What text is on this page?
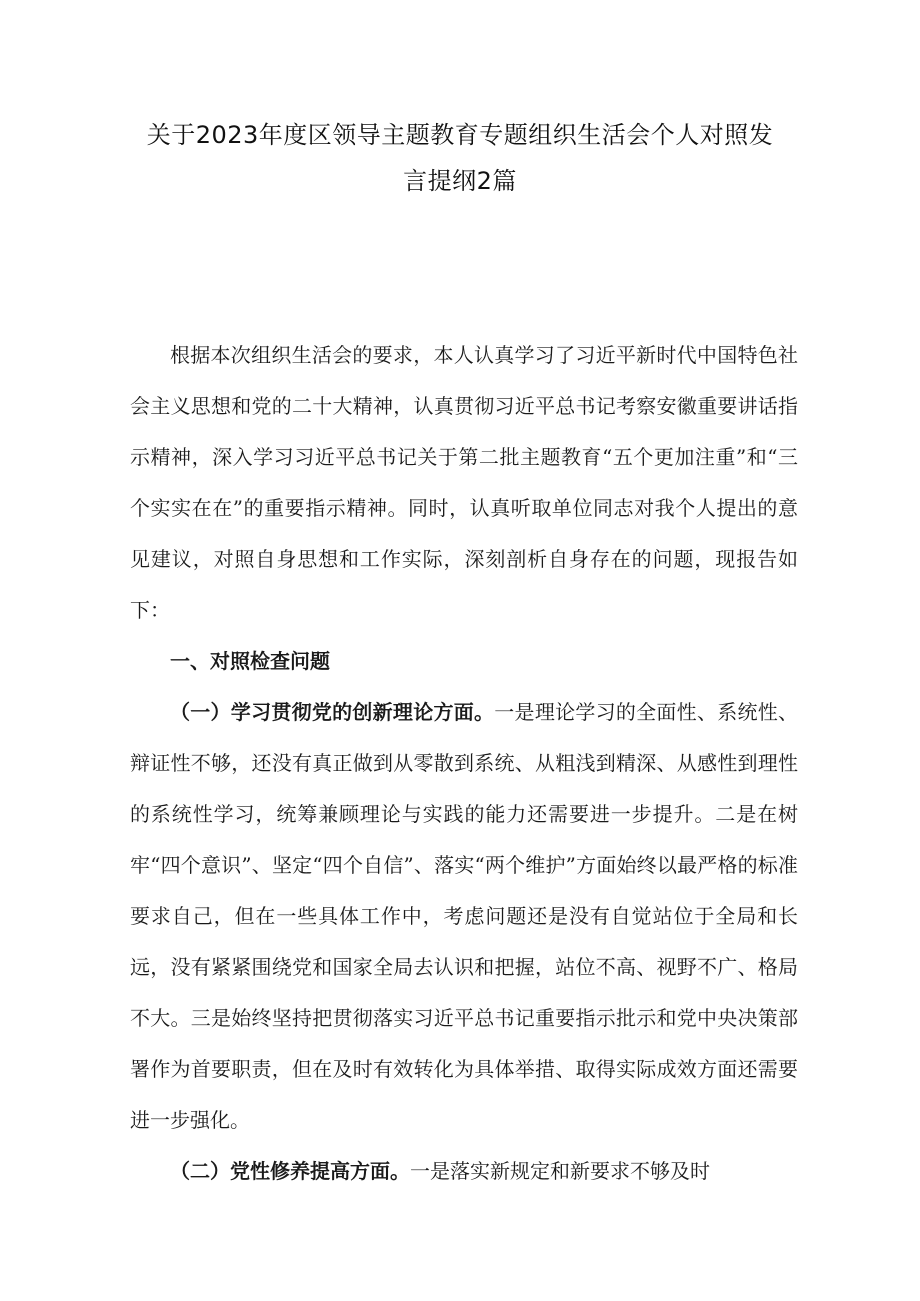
关于2023年度区领导主题教育专题组织生活会个人对照发
言提纲2篇

根据本次组织生活会的要求，本人认真学习了习近平新时代中国特色社会主义思想和党的二十大精神，认真贯彻习近平总书记考察安徽重要讲话指示精神，深入学习习近平总书记关于第二批主题教育“五个更加注重”和“三个实实在在”的重要指示精神。同时，认真听取单位同志对我个人提出的意见建议，对照自身思想和工作实际，深刻剖析自身存在的问题，现报告如下：

一、对照检查问题

（一）学习贯彻党的创新理论方面。一是理论学习的全面性、系统性、辩证性不够，还没有真正做到从零散到系统、从粗浅到精深、从感性到理性的系统性学习，统筹兼顾理论与实践的能力还需要进一步提升。二是在树牢“四个意识”、坚定“四个自信”、落实“两个维护”方面始终以最严格的标准要求自己，但在一些具体工作中，考虑问题还是没有自觉站位于全局和长远，没有紧紧围绕党和国家全局去认识和把握，站位不高、视野不广、格局不大。三是始终坚持把贯彻落实习近平总书记重要指示批示和党中央决策部署作为首要职责，但在及时有效转化为具体举措、取得实际成效方面还需要进一步强化。

（二）党性修养提高方面。一是落实新规定和新要求不够及时
